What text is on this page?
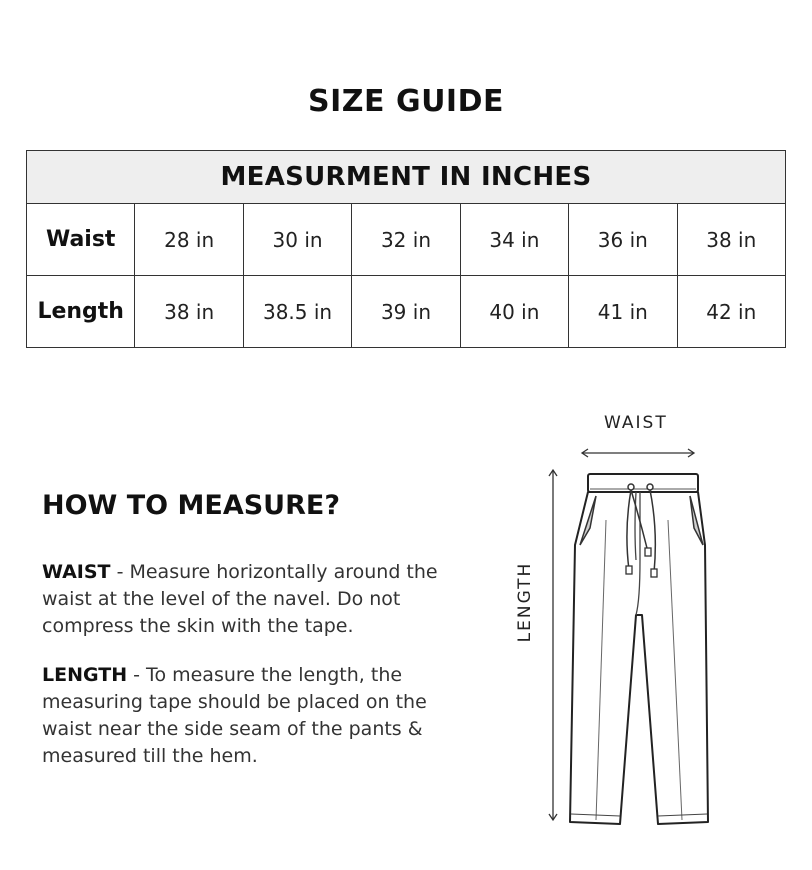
SIZE GUIDE
MEASURMENT IN INCHES						
Waist	28 in	30 in	32 in	34 in	36 in	38 in
Length	38 in	38.5 in	39 in	40 in	41 in	42 in
HOW TO MEASURE?
WAIST - Measure horizontally around the waist at the level of the navel. Do not compress the skin with the tape.
LENGTH - To measure the length, the measuring tape should be placed on the waist near the side seam of the pants & measured till the hem.
WAIST
LENGTH
